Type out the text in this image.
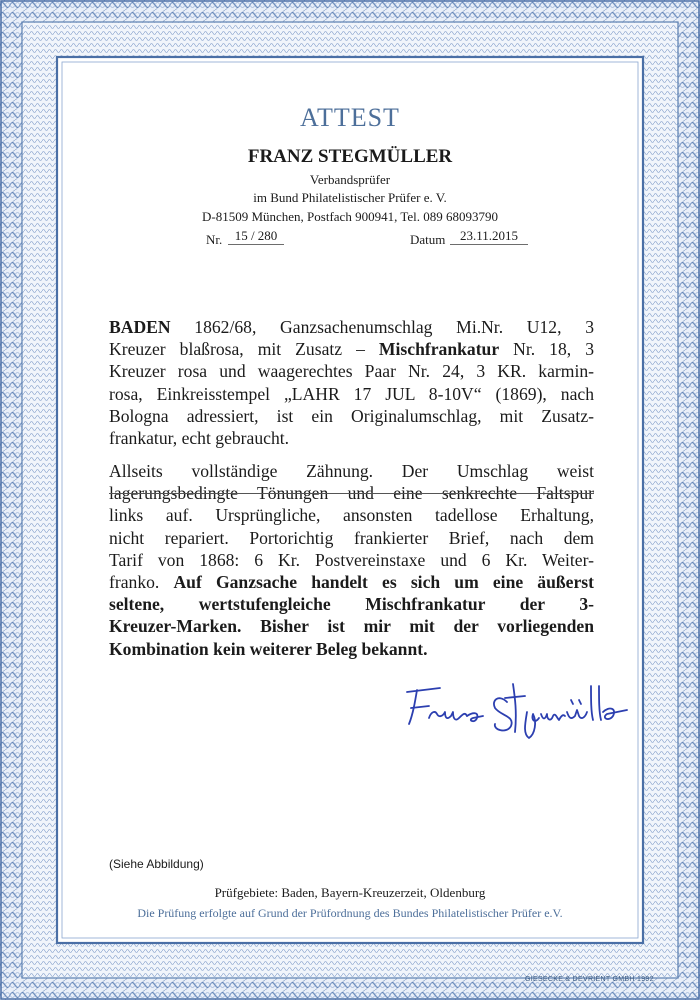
ATTEST
FRANZ STEGMÜLLER
Verbandsprüfer
im Bund Philatelistischer Prüfer e. V.
D-81509 München, Postfach 900941, Tel. 089 68093790
Nr. 15 / 280	Datum	23.11.2015
BADEN 1862/68, Ganzsachenumschlag Mi.Nr. U12, 3
Kreuzer blaßrosa, mit Zusatz – Mischfrankatur Nr. 18, 3
Kreuzer rosa und waagerechtes Paar Nr. 24, 3 KR. karmin-
rosa, Einkreisstempel „LAHR 17 JUL 8-10V“ (1869), nach
Bologna adressiert, ist ein Originalumschlag, mit Zusatz-
frankatur, echt gebraucht.
Allseits vollständige Zähnung. Der Umschlag weist
lagerungsbedingte Tönungen und eine senkrechte Faltspur
links auf. Ursprüngliche, ansonsten tadellose Erhaltung,
nicht repariert. Portorichtig frankierter Brief, nach dem
Tarif von 1868: 6 Kr. Postvereinstaxe und 6 Kr. Weiter-
franko. Auf Ganzsache handelt es sich um eine äußerst
seltene, wertstufengleiche Mischfrankatur der 3-
Kreuzer-Marken. Bisher ist mir mit der vorliegenden
Kombination kein weiterer Beleg bekannt.
(Siehe Abbildung)
Prüfgebiete: Baden, Bayern-Kreuzerzeit, Oldenburg
Die Prüfung erfolgte auf Grund der Prüfordnung des Bundes Philatelistischer Prüfer e.V.
GIESECKE & DEVRIENT GMBH 1992
